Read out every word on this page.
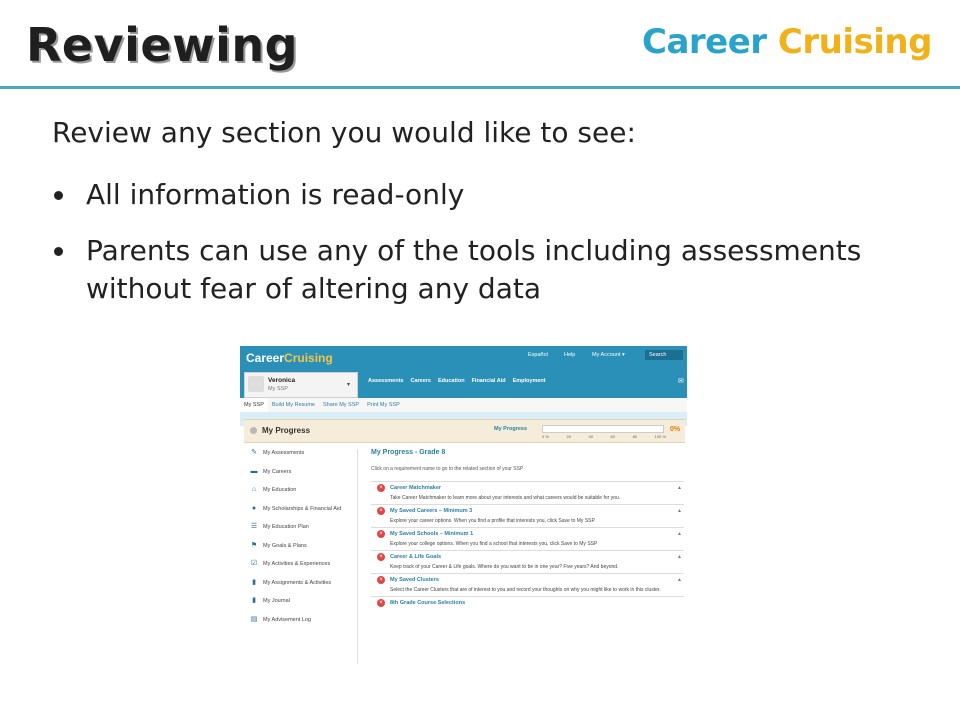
Reviewing	Career Cruising
Review any section you would like to see:
All information is read-only
Parents can use any of the tools including assessments without fear of altering any data
CareerCruising	Español	Help	My Account ▾	Search
Veronica
My SSP
▾
Assessments Careers Education Financial Aid Employment	✉
My SSP	Build My Resume	Share My SSP	Print My SSP
My Progress	My Progress
0 %	20	40	60	80	100 %
0%
✎ My Assessments
▬ My Careers
⌂	My Education
●	My Scholarships & Financial Aid
☰ My Education Plan
⚑ My Goals & Plans
☑ My Activities & Experiences
▮	My Assignments & Activities
▮	My Journal
▤ My Advisement Log
My Progress - Grade 8
Click on a requirement name to go to the related section of your SSP
×	Career Matchmaker	▲
Take Career Matchmaker to learn more about your interests and what careers would be suitable for you.
×	My Saved Careers – Minimum 3	▲
Explore your career options. When you find a profile that interests you, click Save to My SSP.
×	My Saved Schools – Minimum 1	▲
Explore your college options. When you find a school that interests you, click Save to My SSP
×	Career & Life Goals	▲
Keep track of your Career & Life goals. Where do you want to be in one year? Five years? And beyond.
×	My Saved Clusters	▲
Select the Career Clusters that are of interest to you and record your thoughts on why you might like to work in this cluster.
×	8th Grade Course Selections
